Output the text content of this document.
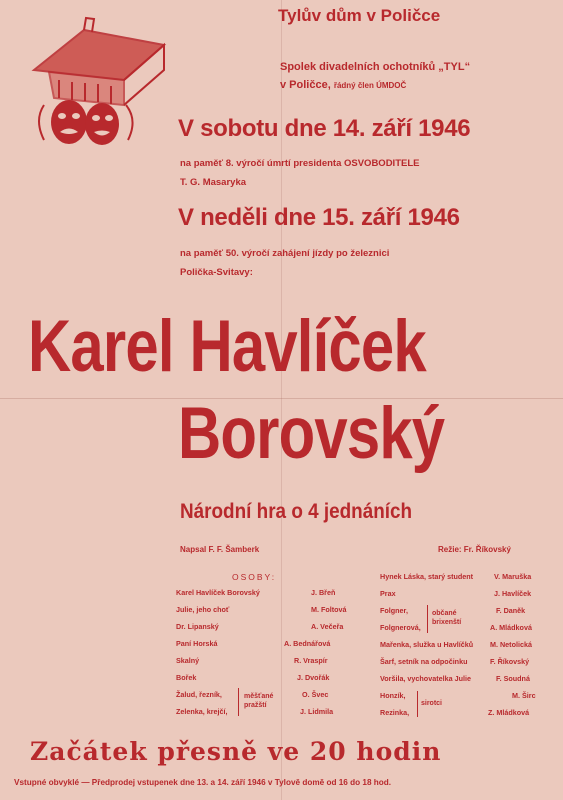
Tylův dům v Poličce
Spolek divadelních ochotníků „TYL“
v Poličce, řádný člen ÚMDOČ
V sobotu dne 14. září 1946
na paměť 8. výročí úmrtí presidenta OSVOBODITELE
T. G. Masaryka
V neděli dne 15. září 1946
na paměť 50. výročí zahájení jízdy po železnici
Polička-Svitavy:
Karel Havlíček
Borovský
Národní hra o 4 jednáních
Napsal F. F. Šamberk	Režie: Fr. Říkovský
OSOBY:
Karel Havlíček Borovský	J. Břeň
Julie, jeho choť	M. Foltová
Dr. Lipanský	A. Večeřa
Paní Horská	A. Bednářová
Skalný	R. Vraspír
Bořek	J. Dvořák
Žalud, řezník,	O. Švec
Zelenka, krejčí,	J. Lidmila
měšťané pražští
Hynek Láska, starý student	V. Maruška
Prax	J. Havlíček
Folgner,	F. Daněk
Folgnerová,	A. Mládková
Mařenka, služka u Havlíčků M. Netolická
Šarf, setník na odpočinku	F. Říkovský
Voršila, vychovatelka Julie	F. Soudná
Honzík,	M. Širc
Rezinka,	Z. Mládková
občané brixenští
sirotci
Začátek přesně ve 20 hodin
Vstupné obvyklé — Předprodej vstupenek dne 13. a 14. září 1946 v Tylově domě od 16 do 18 hod.
